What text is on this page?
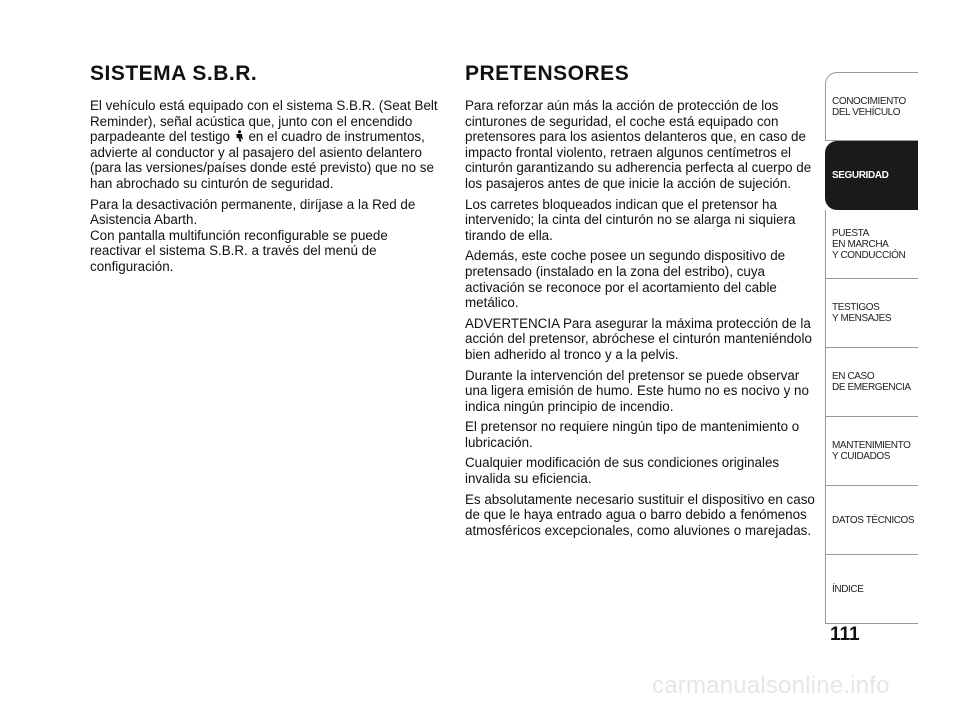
SISTEMA S.B.R.

El vehículo está equipado con el sistema S.B.R. (Seat Belt Reminder), señal acústica que, junto con el encendido parpadeante del testigo en el cuadro de instrumentos, advierte al conductor y al pasajero del asiento delantero (para las versiones/países donde esté previsto) que no se han abrochado su cinturón de seguridad.

Para la desactivación permanente, diríjase a la Red de Asistencia Abarth.

Con pantalla multifunción reconfigurable se puede reactivar el sistema S.B.R. a través del menú de configuración.

PRETENSORES

Para reforzar aún más la acción de protección de los cinturones de seguridad, el coche está equipado con pretensores para los asientos delanteros que, en caso de impacto frontal violento, retraen algunos centímetros el cinturón garantizando su adherencia perfecta al cuerpo de los pasajeros antes de que inicie la acción de sujeción.

Los carretes bloqueados indican que el pretensor ha intervenido; la cinta del cinturón no se alarga ni siquiera tirando de ella.

Además, este coche posee un segundo dispositivo de pretensado (instalado en la zona del estribo), cuya activación se reconoce por el acortamiento del cable metálico.

ADVERTENCIA Para asegurar la máxima protección de la acción del pretensor, abróchese el cinturón manteniéndolo bien adherido al tronco y a la pelvis.

Durante la intervención del pretensor se puede observar una ligera emisión de humo. Este humo no es nocivo y no indica ningún principio de incendio.

El pretensor no requiere ningún tipo de mantenimiento o lubricación.

Cualquier modificación de sus condiciones originales invalida su eficiencia.

Es absolutamente necesario sustituir el dispositivo en caso de que le haya entrado agua o barro debido a fenómenos atmosféricos excepcionales, como aluviones o marejadas.

CONOCIMIENTO
DEL VEHÍCULO
SEGURIDAD
PUESTA
EN MARCHA
Y CONDUCCIÓN
TESTIGOS
Y MENSAJES
EN CASO
DE EMERGENCIA
MANTENIMIENTO
Y CUIDADOS
DATOS TÉCNICOS
ÍNDICE
111
carmanualsonline.info
